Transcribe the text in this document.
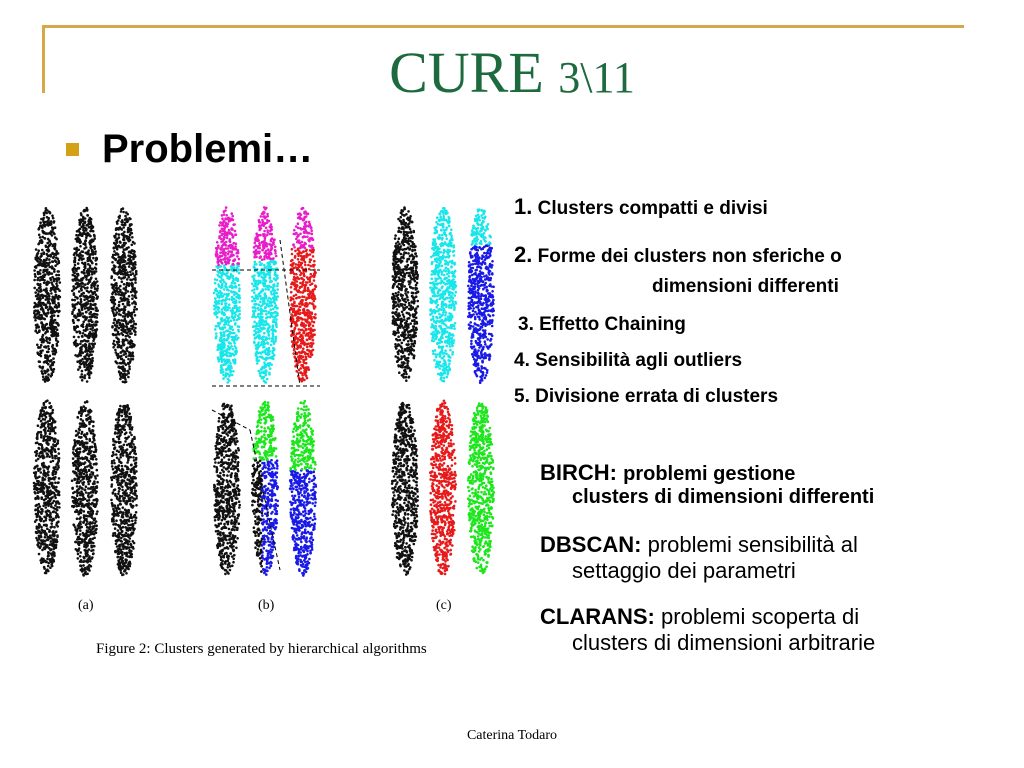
CURE 3\11
Problemi…
(a)	(b)	(c)
Figure 2: Clusters generated by hierarchical algorithms
1. Clusters compatti e divisi
2. Forme dei clusters non sferiche o
dimensioni differenti
3. Effetto Chaining
4. Sensibilità agli outliers
5. Divisione errata di clusters
BIRCH: problemi gestione
clusters di dimensioni differenti
DBSCAN: problemi sensibilità al
settaggio dei parametri
CLARANS: problemi scoperta di
clusters di dimensioni arbitrarie
Caterina Todaro
